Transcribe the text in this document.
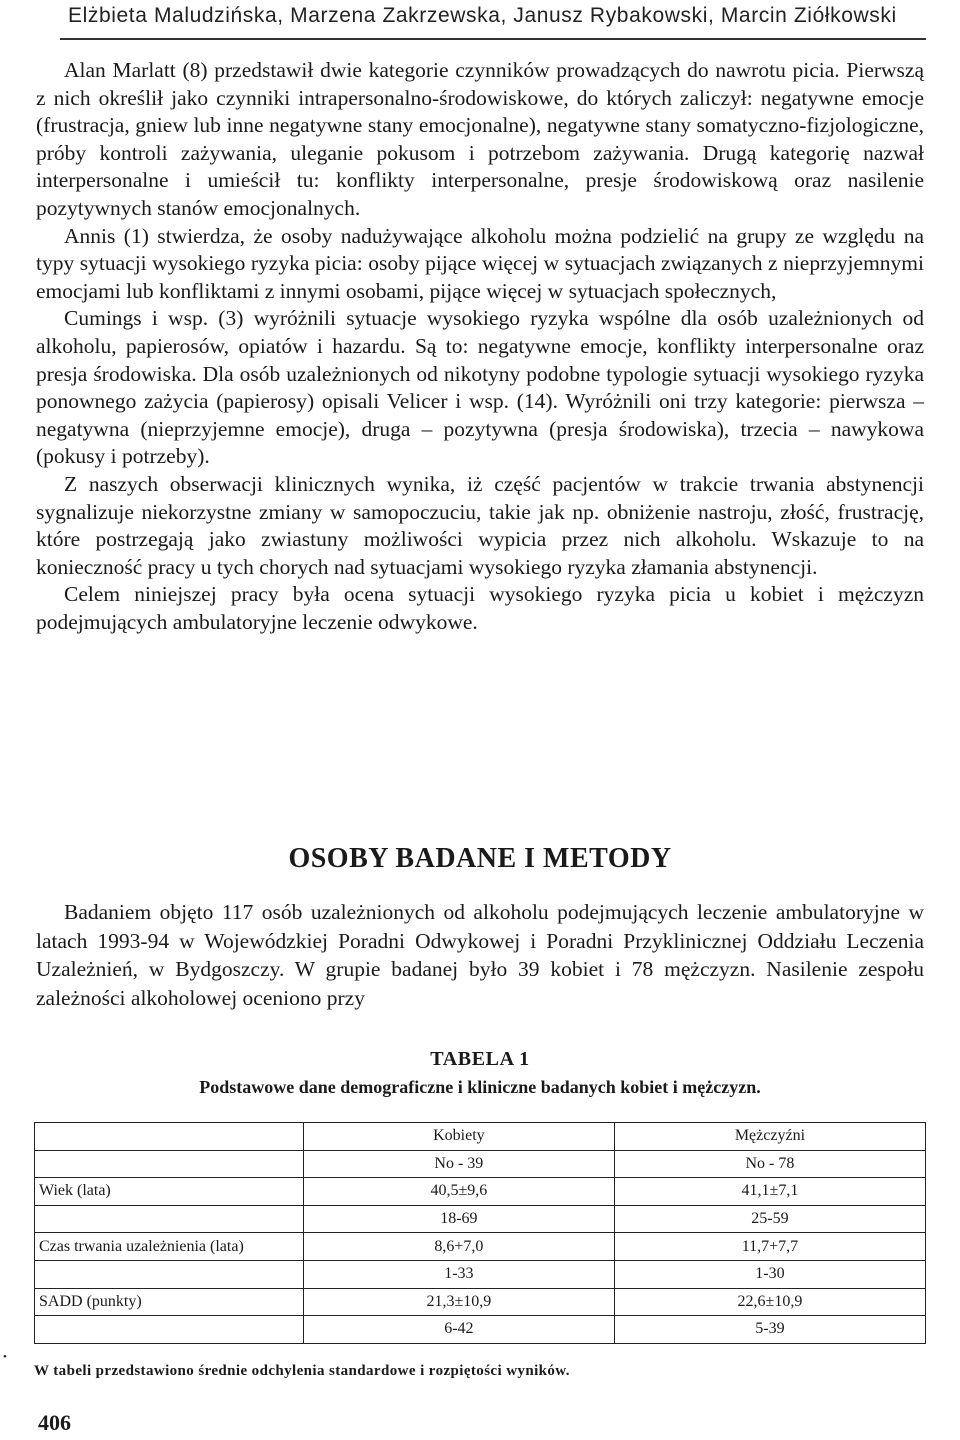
Elżbieta Maludzińska, Marzena Zakrzewska, Janusz Rybakowski, Marcin Ziółkowski

Alan Marlatt (8) przedstawił dwie kategorie czynników prowadzących do nawrotu picia. Pierwszą z nich określił jako czynniki intrapersonalno-środowiskowe, do których zaliczył: negatywne emocje (frustracja, gniew lub inne negatywne stany emocjonalne), negatywne stany somatyczno-fizjologiczne, próby kontroli zażywania, uleganie pokusom i potrzebom zażywania. Drugą kategorię nazwał interpersonalne i umieścił tu: konflikty interpersonalne, presje środowiskową oraz nasilenie pozytywnych stanów emocjonalnych.

Annis (1) stwierdza, że osoby nadużywające alkoholu można podzielić na grupy ze względu na typy sytuacji wysokiego ryzyka picia: osoby pijące więcej w sytuacjach związanych z nieprzyjemnymi emocjami lub konfliktami z innymi osobami, pijące więcej w sytuacjach społecznych,

Cumings i wsp. (3) wyróżnili sytuacje wysokiego ryzyka wspólne dla osób uzależnionych od alkoholu, papierosów, opiatów i hazardu. Są to: negatywne emocje, konflikty interpersonalne oraz presja środowiska. Dla osób uzależnionych od nikotyny podobne typologie sytuacji wysokiego ryzyka ponownego zażycia (papierosy) opisali Velicer i wsp. (14). Wyróżnili oni trzy kategorie: pierwsza – negatywna (nieprzyjemne emocje), druga – pozytywna (presja środowiska), trzecia – nawykowa (pokusy i potrzeby).

Z naszych obserwacji klinicznych wynika, iż część pacjentów w trakcie trwania abstynencji sygnalizuje niekorzystne zmiany w samopoczuciu, takie jak np. obniżenie nastroju, złość, frustrację, które postrzegają jako zwiastuny możliwości wypicia przez nich alkoholu. Wskazuje to na konieczność pracy u tych chorych nad sytuacjami wysokiego ryzyka złamania abstynencji.

Celem niniejszej pracy była ocena sytuacji wysokiego ryzyka picia u kobiet i mężczyzn podejmujących ambulatoryjne leczenie odwykowe.

OSOBY BADANE I METODY

Badaniem objęto 117 osób uzależnionych od alkoholu podejmujących leczenie ambulatoryjne w latach 1993-94 w Wojewódzkiej Poradni Odwykowej i Poradni Przyklinicznej Oddziału Leczenia Uzależnień, w Bydgoszczy. W grupie badanej było 39 kobiet i 78 mężczyzn. Nasilenie zespołu zależności alkoholowej oceniono przy

TABELA 1
Podstawowe dane demograficzne i kliniczne badanych kobiet i mężczyzn.
	Kobiety	Mężczyźni
	No - 39	No - 78
Wiek (lata)	40,5±9,6	41,1±7,1
	18-69	25-59
Czas trwania uzależnienia (lata)	8,6+7,0	11,7+7,7
	1-33	1-30
SADD (punkty)	21,3±10,9	22,6±10,9
	6-42	5-39
•
W tabeli przedstawiono średnie odchylenia standardowe i rozpiętości wyników.
406
